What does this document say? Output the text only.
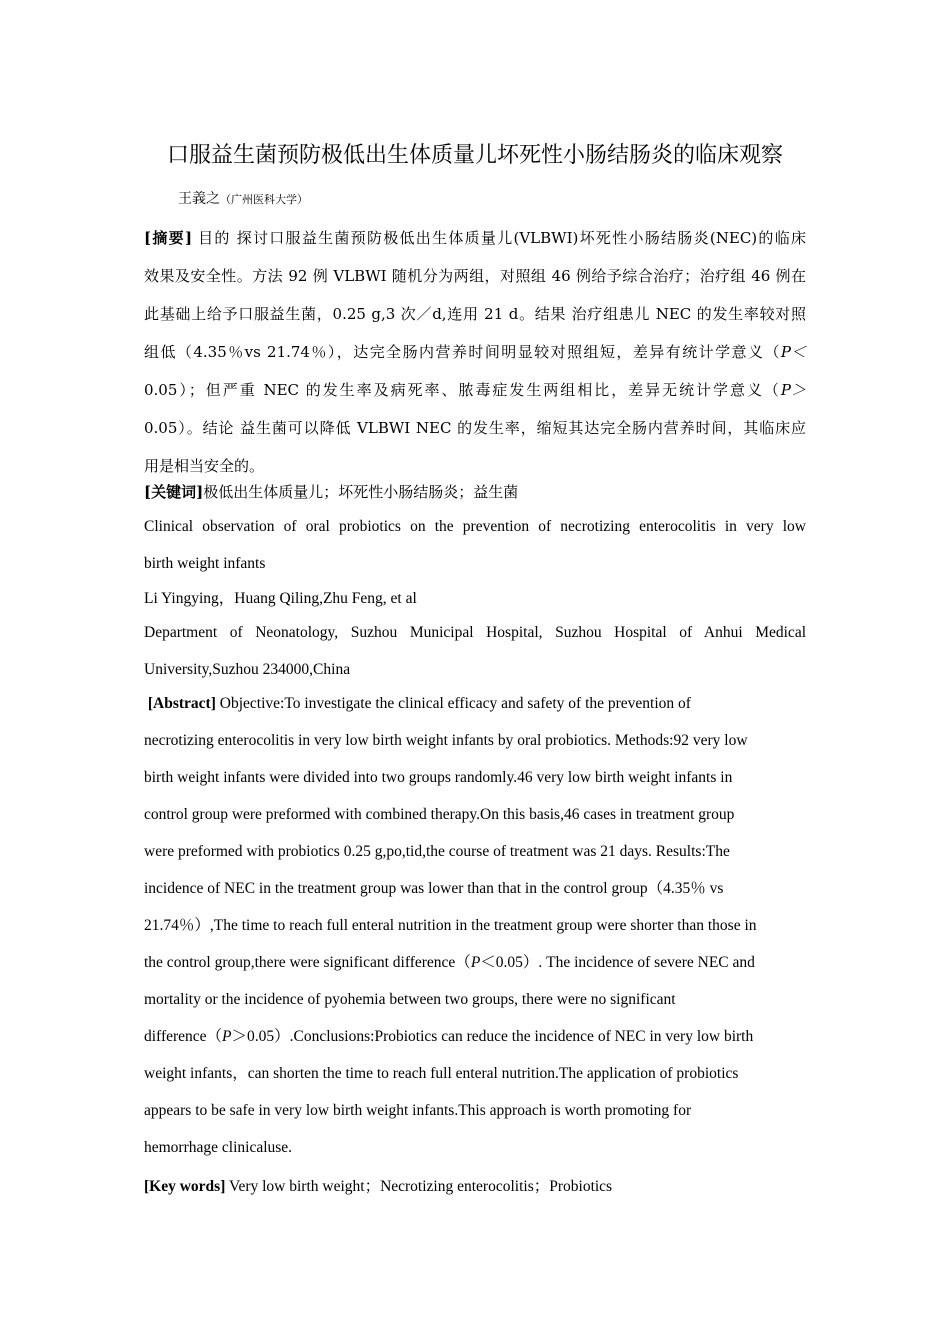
口服益生菌预防极低出生体质量儿坏死性小肠结肠炎的临床观察
王義之（广州医科大学）
[摘要] 目的 探讨口服益生菌预防极低出生体质量儿(VLBWI)坏死性小肠结肠炎(NEC)的临床
效果及安全性。方法 92 例 VLBWI 随机分为两组，对照组 46 例给予综合治疗；治疗组 46 例在
此基础上给予口服益生菌，0.25 g,3 次／d,连用 21 d。结果 治疗组患儿 NEC 的发生率较对照
组低（4.35％vs 21.74％），达完全肠内营养时间明显较对照组短，差异有统计学意义（P＜
0.05）；但严重 NEC 的发生率及病死率、脓毒症发生两组相比，差异无统计学意义（P＞
0.05）。结论 益生菌可以降低 VLBWI NEC 的发生率，缩短其达完全肠内营养时间，其临床应
用是相当安全的。
[关键词]极低出生体质量儿；坏死性小肠结肠炎；益生菌
Clinical observation of oral probiotics on the prevention of necrotizing enterocolitis in very low
birth weight infants
Li Yingying，Huang Qiling,Zhu Feng, et al
Department of Neonatology, Suzhou Municipal Hospital, Suzhou Hospital of Anhui Medical
University,Suzhou 234000,China
[Abstract] Objective:To investigate the clinical efficacy and safety of the prevention of
necrotizing enterocolitis in very low birth weight infants by oral probiotics. Methods:92 very low
birth weight infants were divided into two groups randomly.46 very low birth weight infants in
control group were preformed with combined therapy.On this basis,46 cases in treatment group
were preformed with probiotics 0.25 g,po,tid,the course of treatment was 21 days. Results:The
incidence of NEC in the treatment group was lower than that in the control group（4.35％ vs
21.74％）,The time to reach full enteral nutrition in the treatment group were shorter than those in
the control group,there were significant difference（P＜0.05）. The incidence of severe NEC and
mortality or the incidence of pyohemia between two groups, there were no significant
difference（P＞0.05）.Conclusions:Probiotics can reduce the incidence of NEC in very low birth
weight infants，can shorten the time to reach full enteral nutrition.The application of probiotics
appears to be safe in very low birth weight infants.This approach is worth promoting for
hemorrhage clinicaluse.
[Key words] Very low birth weight；Necrotizing enterocolitis；Probiotics
